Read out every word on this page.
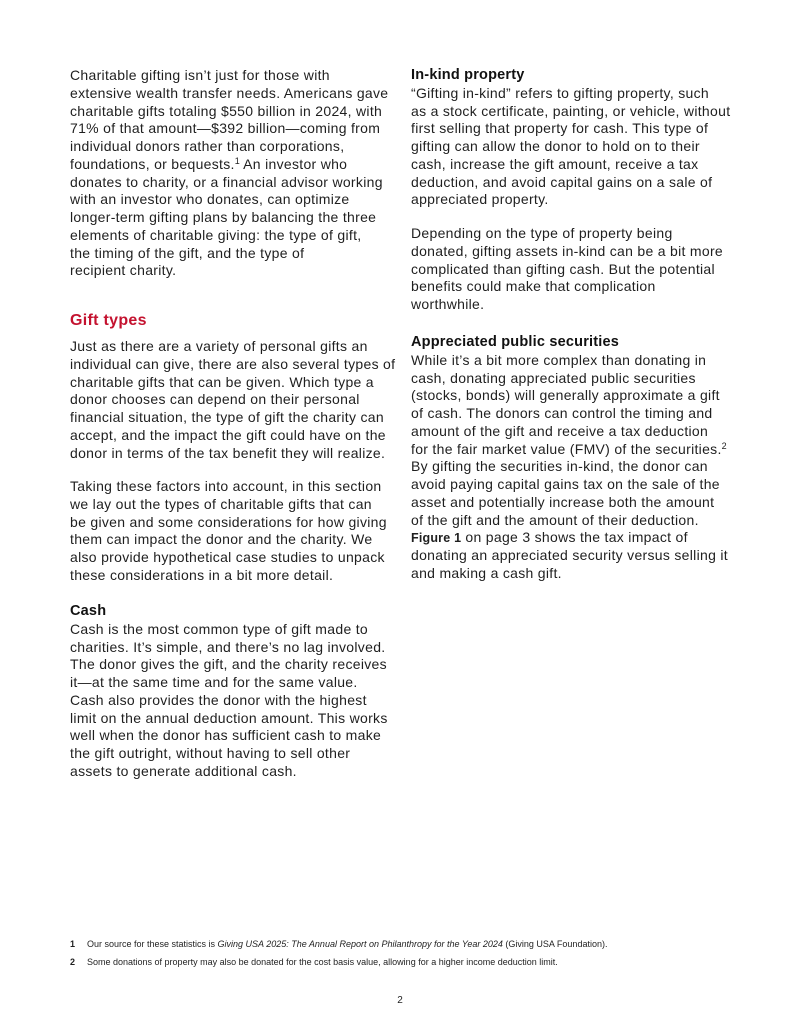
Charitable gifting isn’t just for those with
extensive wealth transfer needs. Americans gave
charitable gifts totaling $550 billion in 2024, with
71% of that amount—$392 billion—coming from
individual donors rather than corporations,
foundations, or bequests.$^1$ An investor who
donates to charity, or a financial advisor working
with an investor who donates, can optimize
longer-term gifting plans by balancing the three
elements of charitable giving: the type of gift,
the timing of the gift, and the type of
recipient charity.
Gift types
Just as there are a variety of personal gifts an
individual can give, there are also several types of
charitable gifts that can be given. Which type a
donor chooses can depend on their personal
financial situation, the type of gift the charity can
accept, and the impact the gift could have on the
donor in terms of the tax benefit they will realize.
Taking these factors into account, in this section
we lay out the types of charitable gifts that can
be given and some considerations for how giving
them can impact the donor and the charity. We
also provide hypothetical case studies to unpack
these considerations in a bit more detail.
Cash
Cash is the most common type of gift made to
charities. It’s simple, and there’s no lag involved.
The donor gives the gift, and the charity receives
it—at the same time and for the same value.
Cash also provides the donor with the highest
limit on the annual deduction amount. This works
well when the donor has sufficient cash to make
the gift outright, without having to sell other
assets to generate additional cash.
In-kind property
“Gifting in-kind” refers to gifting property, such
as a stock certificate, painting, or vehicle, without
first selling that property for cash. This type of
gifting can allow the donor to hold on to their
cash, increase the gift amount, receive a tax
deduction, and avoid capital gains on a sale of
appreciated property.
Depending on the type of property being
donated, gifting assets in-kind can be a bit more
complicated than gifting cash. But the potential
benefits could make that complication
worthwhile.
Appreciated public securities
While it’s a bit more complex than donating in
cash, donating appreciated public securities
(stocks, bonds) will generally approximate a gift
of cash. The donors can control the timing and
amount of the gift and receive a tax deduction
for the fair market value (FMV) of the securities.$^2$
By gifting the securities in-kind, the donor can
avoid paying capital gains tax on the sale of the
asset and potentially increase both the amount
of the gift and the amount of their deduction.
Figure 1 on page 3 shows the tax impact of
donating an appreciated security versus selling it
and making a cash gift.
1 Our source for these statistics is Giving USA 2025: The Annual Report on Philanthropy for the Year 2024 (Giving USA Foundation).
2 Some donations of property may also be donated for the cost basis value, allowing for a higher income deduction limit.
2
